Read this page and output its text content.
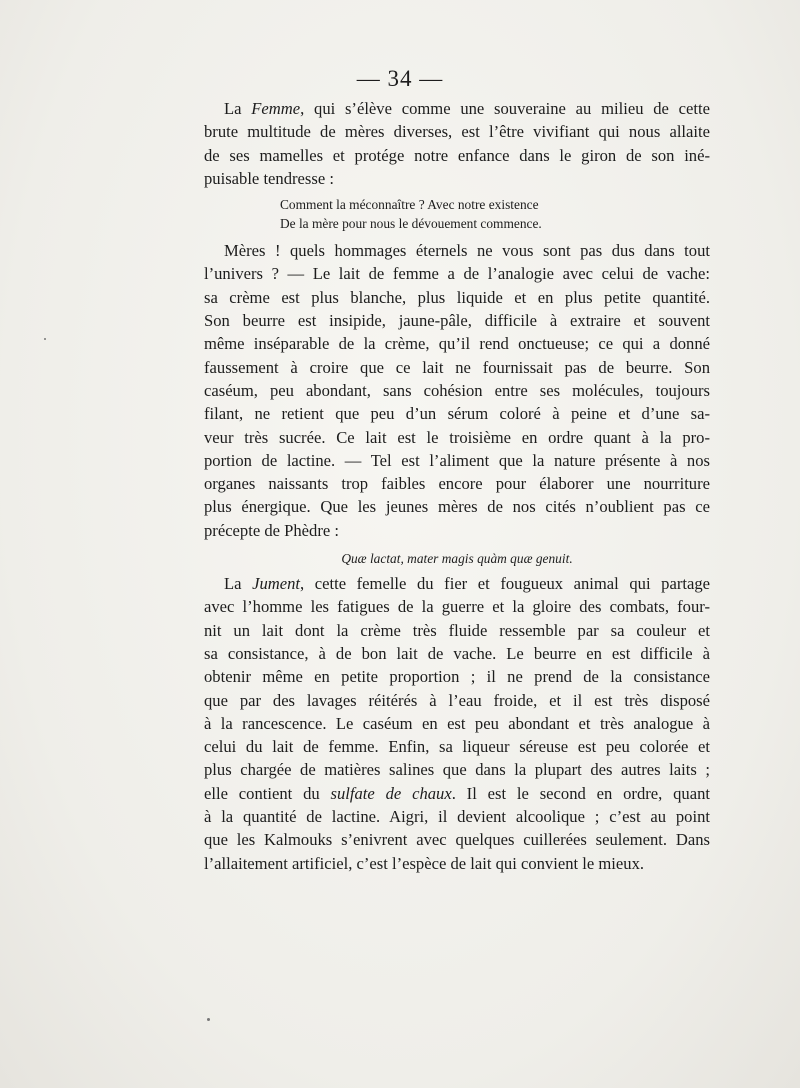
— 34 —
La Femme, qui s’élève comme une souveraine au milieu de cette
brute multitude de mères diverses, est l’être vivifiant qui nous allaite
de ses mamelles et protége notre enfance dans le giron de son iné-
puisable tendresse :
Comment la méconnaître ? Avec notre existence
De la mère pour nous le dévouement commence.
Mères ! quels hommages éternels ne vous sont pas dus dans tout
l’univers ? — Le lait de femme a de l’analogie avec celui de vache:
sa crème est plus blanche, plus liquide et en plus petite quantité.
Son beurre est insipide, jaune-pâle, difficile à extraire et souvent
même inséparable de la crème, qu’il rend onctueuse; ce qui a donné
faussement à croire que ce lait ne fournissait pas de beurre. Son
caséum, peu abondant, sans cohésion entre ses molécules, toujours
filant, ne retient que peu d’un sérum coloré à peine et d’une sa-
veur très sucrée. Ce lait est le troisième en ordre quant à la pro-
portion de lactine. — Tel est l’aliment que la nature présente à nos
organes naissants trop faibles encore pour élaborer une nourriture
plus énergique. Que les jeunes mères de nos cités n’oublient pas ce
précepte de Phèdre :
Quæ lactat, mater magis quàm quæ genuit.
La Jument, cette femelle du fier et fougueux animal qui partage
avec l’homme les fatigues de la guerre et la gloire des combats, four-
nit un lait dont la crème très fluide ressemble par sa couleur et
sa consistance, à de bon lait de vache. Le beurre en est difficile à
obtenir même en petite proportion ; il ne prend de la consistance
que par des lavages réitérés à l’eau froide, et il est très disposé
à la rancescence. Le caséum en est peu abondant et très analogue à
celui du lait de femme. Enfin, sa liqueur séreuse est peu colorée et
plus chargée de matières salines que dans la plupart des autres laits ;
elle contient du sulfate de chaux. Il est le second en ordre, quant
à la quantité de lactine. Aigri, il devient alcoolique ; c’est au point
que les Kalmouks s’enivrent avec quelques cuillerées seulement. Dans
l’allaitement artificiel, c’est l’espèce de lait qui convient le mieux.
